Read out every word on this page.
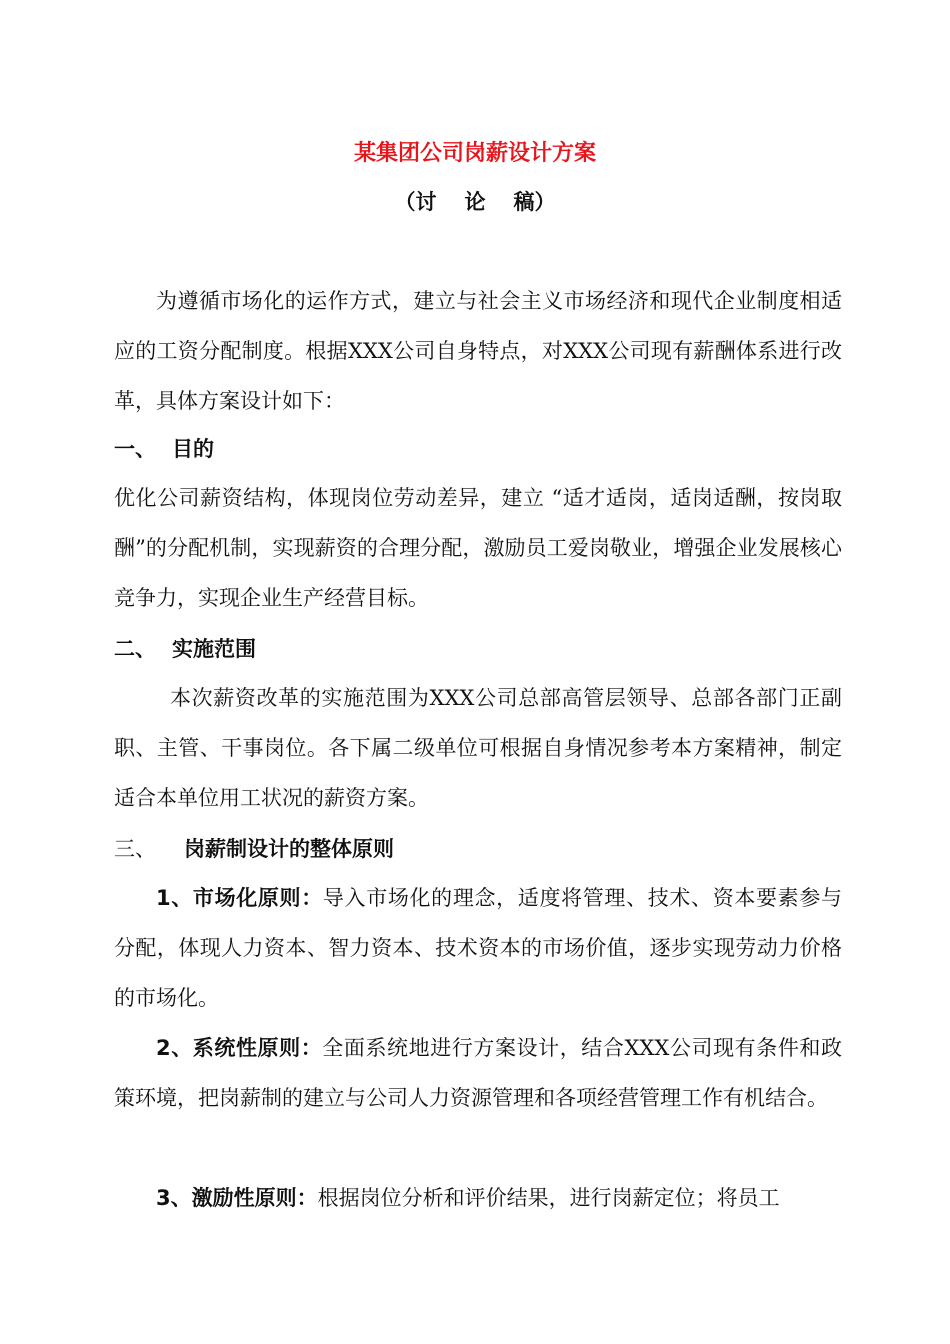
某集团公司岗薪设计方案
（讨 论 稿）
为遵循市场化的运作方式，建立与社会主义市场经济和现代企业制度相适应的工资分配制度。根据XXX公司自身特点，对XXX公司现有薪酬体系进行改革，具体方案设计如下：
一、 目的
优化公司薪资结构，体现岗位劳动差异，建立 “适才适岗，适岗适酬，按岗取酬”的分配机制，实现薪资的合理分配，激励员工爱岗敬业，增强企业发展核心竞争力，实现企业生产经营目标。
二、 实施范围
本次薪资改革的实施范围为XXX公司总部高管层领导、总部各部门正副职、主管、干事岗位。各下属二级单位可根据自身情况参考本方案精神，制定适合本单位用工状况的薪资方案。
三、 岗薪制设计的整体原则
1、市场化原则：导入市场化的理念，适度将管理、技术、资本要素参与分配，体现人力资本、智力资本、技术资本的市场价值，逐步实现劳动力价格的市场化。
2、系统性原则：全面系统地进行方案设计，结合XXX公司现有条件和政策环境，把岗薪制的建立与公司人力资源管理和各项经营管理工作有机结合。
3、激励性原则：根据岗位分析和评价结果，进行岗薪定位；将员工
